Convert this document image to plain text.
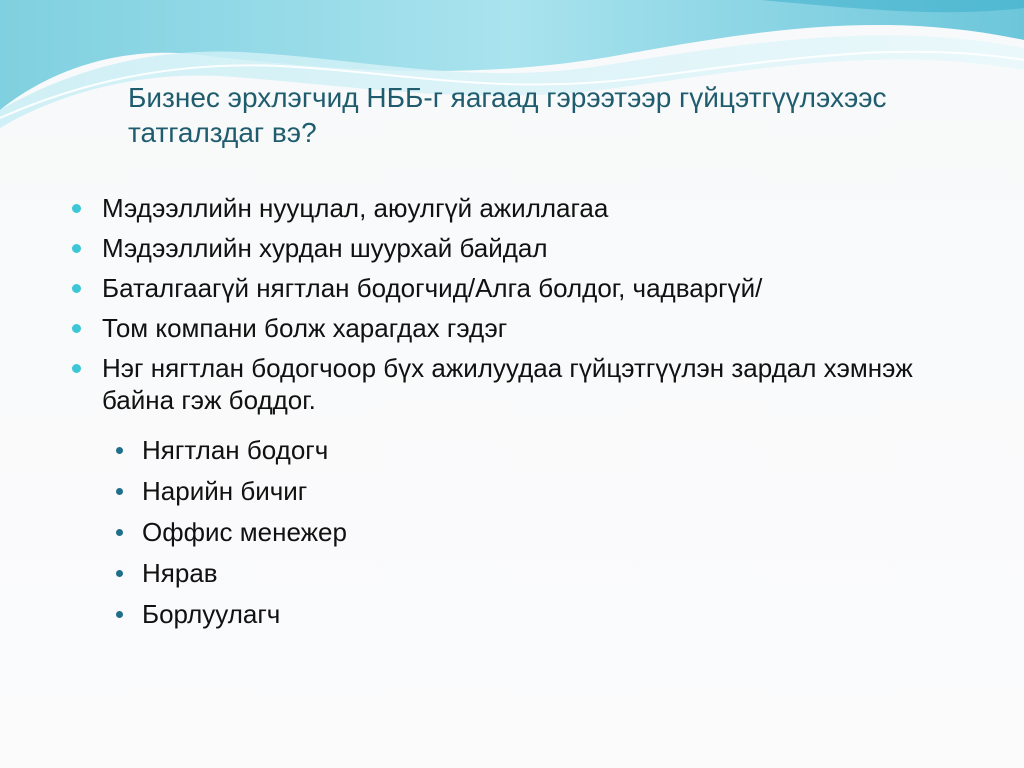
Бизнес эрхлэгчид НББ-г яагаад гэрээтээр гүйцэтгүүлэхээс татгалздаг вэ?
Мэдээллийн нууцлал, аюулгүй ажиллагаа
Мэдээллийн хурдан шуурхай байдал
Баталгаагүй нягтлан бодогчид/Алга болдог, чадваргүй/
Том компани болж харагдах гэдэг
Нэг нягтлан бодогчоор бүх ажилуудаа гүйцэтгүүлэн зардал хэмнэж байна гэж боддог.
Нягтлан бодогч
Нарийн бичиг
Оффис менежер
Нярав
Борлуулагч
